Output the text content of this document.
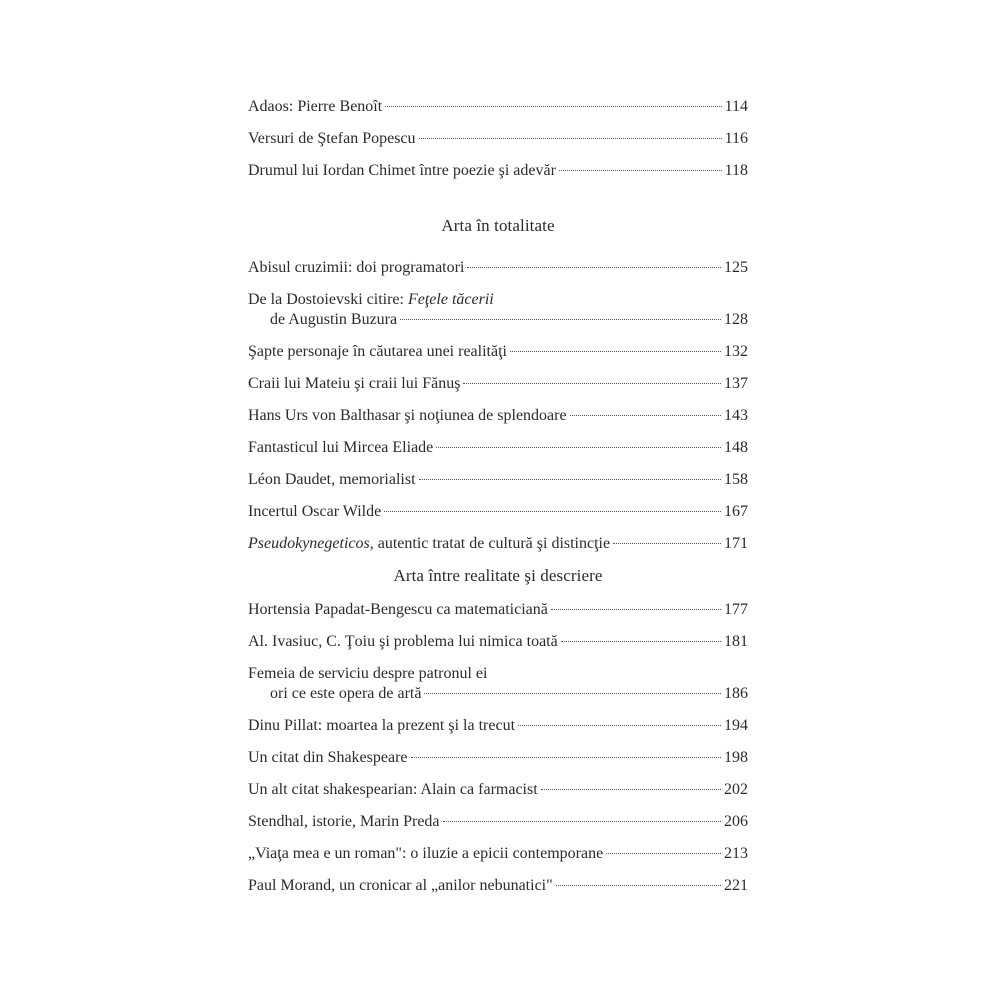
Adaos: Pierre Benoît	114
Versuri de Ştefan Popescu	116
Drumul lui Iordan Chimet între poezie şi adevăr	118
Arta în totalitate
Abisul cruzimii: doi programatori	125
De la Dostoievski citire: Feţele tăcerii
de Augustin Buzura	128
Şapte personaje în căutarea unei realităţi	132
Craii lui Mateiu şi craii lui Fănuş	137
Hans Urs von Balthasar şi noţiunea de splendoare	143
Fantasticul lui Mircea Eliade	148
Léon Daudet, memorialist	158
Incertul Oscar Wilde	167
Pseudokynegeticos, autentic tratat de cultură şi distincţie	171
Arta între realitate şi descriere
Hortensia Papadat-Bengescu ca matematiciană	177
Al. Ivasiuc, C. Ţoiu şi problema lui nimica toată	181
Femeia de serviciu despre patronul ei
ori ce este opera de artă	186
Dinu Pillat: moartea la prezent şi la trecut	194
Un citat din Shakespeare	198
Un alt citat shakespearian: Alain ca farmacist	202
Stendhal, istorie, Marin Preda	206
„Viaţa mea e un roman": o iluzie a epicii contemporane	213
Paul Morand, un cronicar al „anilor nebunatici"	221
